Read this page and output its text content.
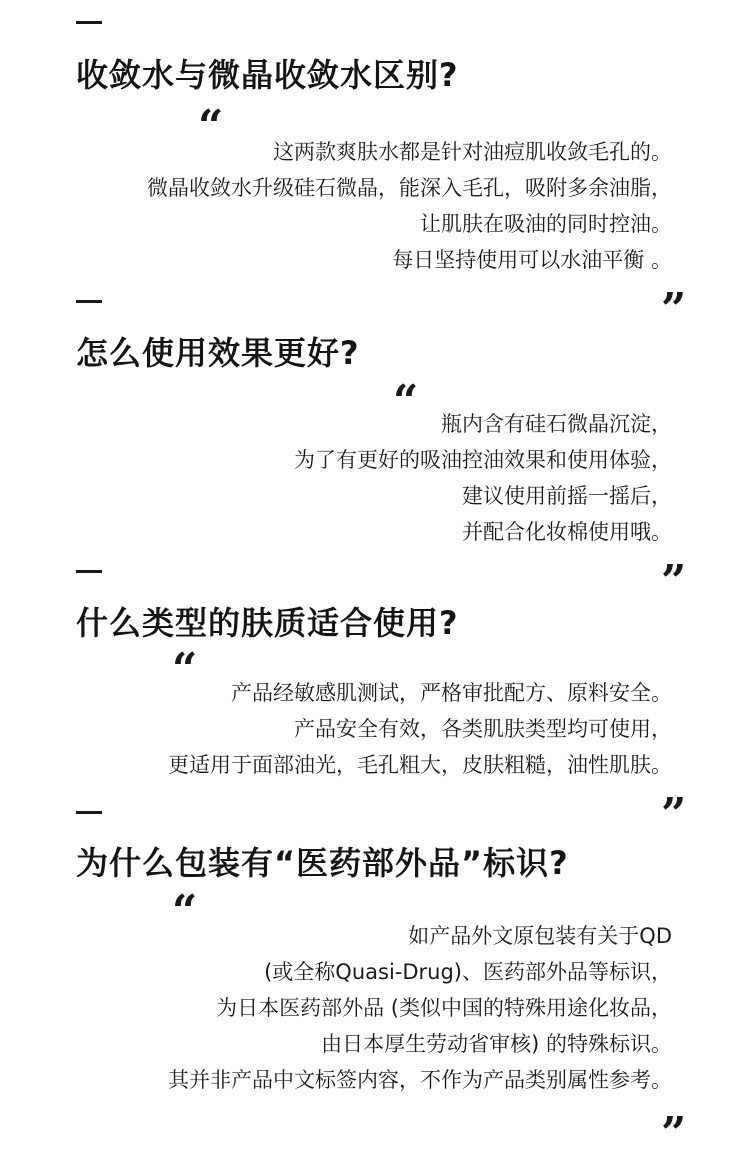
收敛水与微晶收敛水区别?
“ 这两款爽肤水都是针对油痘肌收敛毛孔的。
微晶收敛水升级硅石微晶，能深入毛孔，吸附多余油脂，
让肌肤在吸油的同时控油。
每日坚持使用可以水油平衡 。
”
怎么使用效果更好?
“ 瓶内含有硅石微晶沉淀，
为了有更好的吸油控油效果和使用体验，
建议使用前摇一摇后，
并配合化妆棉使用哦。
”
什么类型的肤质适合使用?
“ 产品经敏感肌测试，严格审批配方、原料安全。
产品安全有效，各类肌肤类型均可使用，
更适用于面部油光，毛孔粗大，皮肤粗糙，油性肌肤。
”
为什么包装有“医药部外品”标识?
“	如产品外文原包装有关于QD
(或全称Quasi-Drug)、医药部外品等标识，
为日本医药部外品 (类似中国的特殊用途化妆品，
由日本厚生劳动省审核) 的特殊标识。
其并非产品中文标签内容，不作为产品类别属性参考。
”
